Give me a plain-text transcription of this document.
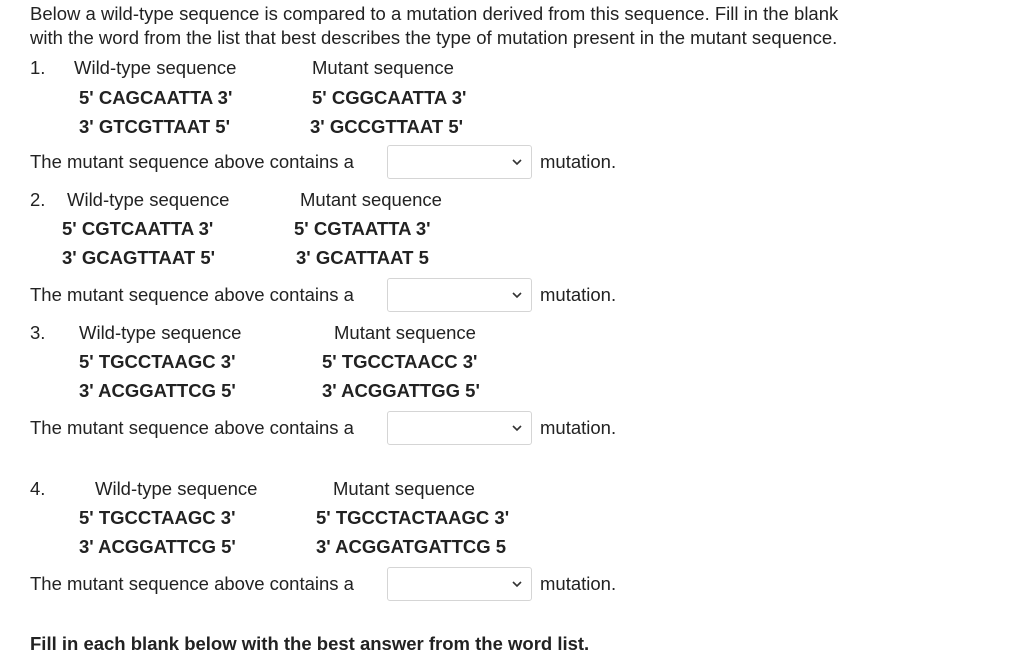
Below a wild-type sequence is compared to a mutation derived from this sequence. Fill in the blank
with the word from the list that best describes the type of mutation present in the mutant sequence.
1. Wild-type sequence	Mutant sequence
5' CAGCAATTA 3'	5' CGGCAATTA 3'
3' GTCGTTAAT 5'	3' GCCGTTAAT 5'
The mutant sequence above contains a	mutation.
2. Wild-type sequence	Mutant sequence
5' CGTCAATTA 3'	5' CGTAATTA 3'
3' GCAGTTAAT 5'	3' GCATTAAT 5
The mutant sequence above contains a	mutation.
3. Wild-type sequence	Mutant sequence
5' TGCCTAAGC 3'	5' TGCCTAACC 3'
3' ACGGATTCG 5'	3' ACGGATTGG 5'
The mutant sequence above contains a	mutation.
4.	Wild-type sequence	Mutant sequence
5' TGCCTAAGC 3'	5' TGCCTACTAAGC 3'
3' ACGGATTCG 5'	3' ACGGATGATTCG 5
The mutant sequence above contains a	mutation.
Fill in each blank below with the best answer from the word list.
